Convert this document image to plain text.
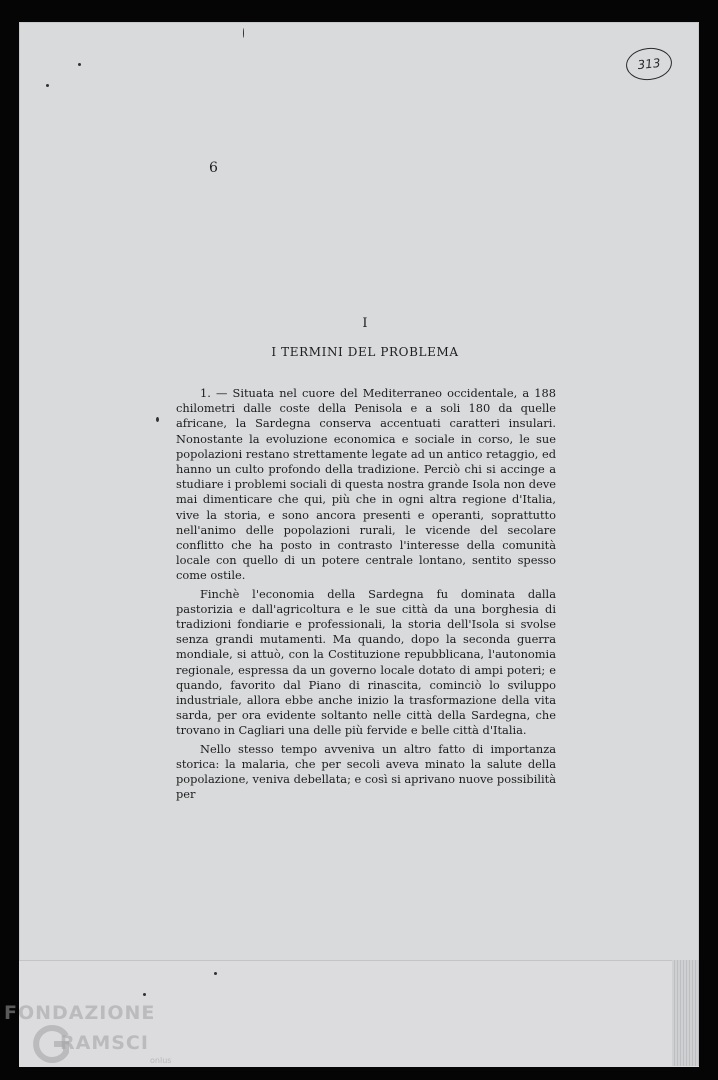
313
6
I
I TERMINI DEL PROBLEMA

1. — Situata nel cuore del Mediterraneo occidentale, a 188 chilometri dalle coste della Penisola e a soli 180 da quelle africane, la Sardegna conserva accentuati caratteri insulari. Nonostante la evoluzione economica e sociale in corso, le sue popolazioni restano strettamente legate ad un antico retaggio, ed hanno un culto profondo della tradizione. Perciò chi si accinge a studiare i problemi sociali di questa nostra grande Isola non deve mai dimenticare che qui, più che in ogni altra regione d'Italia, vive la storia, e sono ancora presenti e operanti, soprattutto nell'animo delle popolazioni rurali, le vicende del secolare conflitto che ha posto in contrasto l'interesse della comunità locale con quello di un potere centrale lontano, sentito spesso come ostile.

Finchè l'economia della Sardegna fu dominata dalla pastorizia e dall'agricoltura e le sue città da una borghesia di tradizioni fondiarie e professionali, la storia dell'Isola si svolse senza grandi mutamenti. Ma quando, dopo la seconda guerra mondiale, si attuò, con la Costituzione repubblicana, l'autonomia regionale, espressa da un governo locale dotato di ampi poteri; e quando, favorito dal Piano di rinascita, cominciò lo sviluppo industriale, allora ebbe anche inizio la trasformazione della vita sarda, per ora evidente soltanto nelle città della Sardegna, che trovano in Cagliari una delle più fervide e belle città d'Italia.

Nello stesso tempo avveniva un altro fatto di importanza storica: la malaria, che per secoli aveva minato la salute della popolazione, veniva debellata; e così si aprivano nuove possibilità per

FONDAZIONE
RAMSCI
onlus
